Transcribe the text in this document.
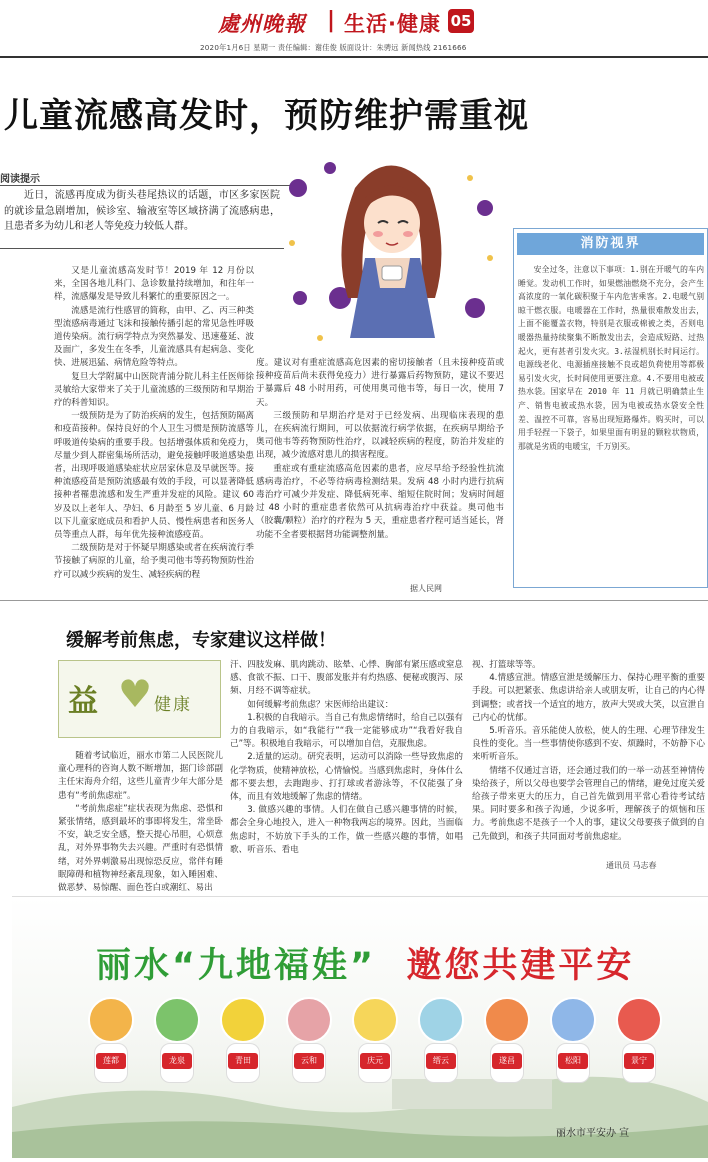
處州晚報 | 生活·健康 05
2020年1月6日 星期一 责任编辑：谢佳俊 版面设计：朱骋远 新闻热线 2161666
儿童流感高发时，预防维护需重视
阅读提示
近日，流感再度成为街头巷尾热议的话题，市区多家医院的就诊量急剧增加，候诊室、输液室等区域挤满了流感病患，且患者多为幼儿和老人等免疫力较低人群。

又是儿童流感高发时节！2019 年 12 月份以来，全国各地儿科门、急诊数量持续增加，和往年一样，流感爆发是导致儿科繁忙的重要原因之一。

流感是流行性感冒的简称，由甲、乙、丙三种类型流感病毒通过飞沫和接触传播引起的常见急性呼吸道传染病。流行病学特点为突然暴发、迅速蔓延、波及面广，多发生在冬季，儿童流感具有起病急、变化快、进展迅猛、病情危险等特点。

复旦大学附属中山医院青浦分院儿科主任医师徐灵敏给大家带来了关于儿童流感的三级预防和早期治疗的科普知识。

一级预防是为了防治疾病的发生，包括预防隔离和疫苗接种。保持良好的个人卫生习惯是预防流感等呼吸道传染病的重要手段。包括增强体质和免疫力，尽量少到人群密集场所活动，避免接触呼吸道感染患者，出现呼吸道感染症状应居家休息及早就医等。接种流感疫苗是预防流感最有效的手段，可以显著降低接种者罹患流感和发生严重并发症的风险。建议 60 岁及以上老年人、孕妇、6 月龄至 5 岁儿童、6 月龄以下儿童家庭成员和看护人员、慢性病患者和医务人员等重点人群，每年优先接种流感疫苗。

二级预防是对于怀疑早期感染或者在疾病流行季节接触了病原的儿童，给予奥司他韦等药物预防性治疗可以减少疾病的发生、减轻疾病的程

度。建议对有重症流感高危因素的密切接触者（且未接种疫苗或接种疫苗后尚未获得免疫力）进行暴露后药物预防，建议不要迟于暴露后 48 小时用药，可使用奥司他韦等，每日一次，使用 7 天。

三级预防和早期治疗是对于已经发病、出现临床表现的患儿，在疾病流行期间，可以依据流行病学依据，在疾病早期给予奥司他韦等药物预防性治疗，以减轻疾病的程度，防治并发症的出现，减少流感对患儿的损害程度。

重症或有重症流感高危因素的患者，应尽早给予经验性抗流感病毒治疗，不必等待病毒检测结果。发病 48 小时内进行抗病毒治疗可减少并发症、降低病死率、缩短住院时间；发病时间超过 48 小时的重症患者依然可从抗病毒治疗中获益。奥司他韦（胶囊/颗粒）治疗的疗程为 5 天，重症患者疗程可适当延长，肾功能不全者要根据肾功能调整剂量。

据人民网
消防视界
安全过冬，注意以下事项：1.别在开暖气的车内睡觉。发动机工作时，如果燃油燃烧不充分，会产生高浓度的一氧化碳积聚于车内危害乘客。2.电暖气别晾干燃衣服。电暖器在工作时，热量很难散发出去，上面不能覆盖衣物，特别是衣服或棉被之类，否则电暖器热量持续聚集不断散发出去，会造成短路、过热起火，更有甚者引发火灾。3.祛湿机别长时间运行。电源线老化、电源插座接触不良或超负荷使用等都极易引发火灾，长时间使用更要注意。4.不要用电被或热水袋。国家早在 2010 年 11 月就已明确禁止生产、销售电被或热水袋，因为电被或热水袋安全性差、温控不可靠，容易出现短路爆炸。购买时，可以用手轻捏一下袋子，如果里面有明显的颗粒状物质，那就是劣质的电暖宝，千万别买。
缓解考前焦虑，专家建议这样做！
益 ♥ 健康

随着考试临近，丽水市第二人民医院儿童心理科的咨询人数不断增加，据门诊部副主任宋海舟介绍，这些儿童青少年大部分是患有“考前焦虑症”。

“考前焦虑症”症状表现为焦虑、恐惧和紧张情绪，感到最坏的事即将发生，常坐卧不安，缺乏安全感，整天提心吊胆，心烦意乱，对外界事物失去兴趣。严重时有恐惧情绪，对外界刺激易出现惊恐反应，常伴有睡眠障碍和植物神经紊乱现象，如入睡困难、做恶梦、易惊醒、面色苍白或潮红、易出

汗、四肢发麻、肌肉跳动、眩晕、心悸、胸部有紧压感或窒息感、食欲不振、口干、腹部发胀并有灼热感、便秘或腹泻、尿频、月经不调等症状。

如何缓解考前焦虑？宋医师给出建议：

1.积极的自我暗示。当自己有焦虑情绪时，给自己以强有力的自我暗示，如“我能行”“我一定能够成功”“我看好我自己”等。积极地自我暗示，可以增加自信，克服焦虑。

2.适量的运动。研究表明，运动可以消除一些导致焦虑的化学物质，使精神放松，心情愉悦。当感到焦虑时，身体什么都不要去想，去跑跑步、打打球或者游泳等，不仅能强了身体，而且有效地缓解了焦虑的情绪。

3. 做感兴趣的事情。人们在做自己感兴趣事情的时候，都会全身心地投入，进入一种物我两忘的境界。因此，当面临焦虑时，不妨放下手头的工作，做一些感兴趣的事情，如唱歌、听音乐、看电

视、打篮球等等。

4.情感宣泄。情感宣泄是缓解压力、保持心理平衡的重要手段。可以把紧张、焦虑讲给亲人或朋友听，让自己的内心得到调整；或者找一个适宜的地方，放声大哭或大笑，以宣泄自己内心的忧郁。

5.听音乐。音乐能使人放松，使人的生理、心理节律发生良性的变化。当一些事情使你感到不安、烦躁时，不妨静下心来听听音乐。

情绪不仅通过言语，还会通过我们的一举一动甚至神情传染给孩子，所以父母也要学会管理自己的情绪，避免过度关爱给孩子带来更大的压力，自己首先做到用平常心看待考试结果。同时要多和孩子沟通，少说多听，理解孩子的烦恼和压力。考前焦虑不是孩子一个人的事，建议父母要孩子做到的自己先做到，和孩子共同面对考前焦虑症。

通讯员 马志春
莲都	龙泉	青田	云和	庆元	缙云	遂昌	松阳	景宁
丽水“九地福娃” 邀您共建平安
丽水市平安办 宣
